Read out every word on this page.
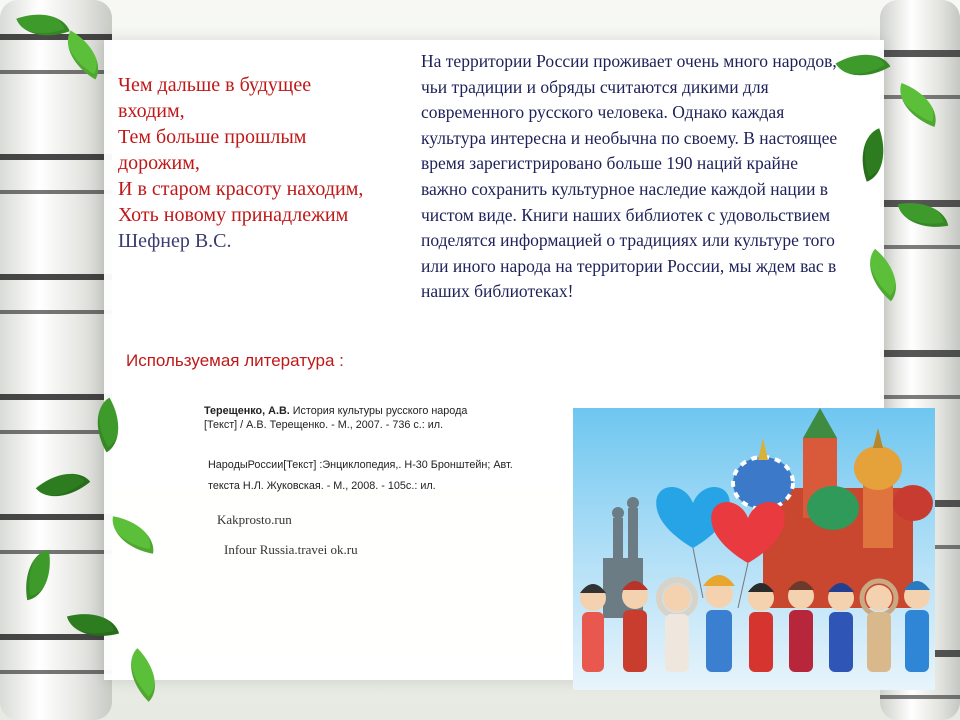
Чем дальше в будущее
входим,
Тем больше прошлым
дорожим,
И в старом красоту находим,
Хоть новому принадлежим
Шефнер В.С.

На территории России проживает очень много народов, чьи традиции и обряды считаются дикими для современного русского человека. Однако каждая культура интересна и необычна по своему. В настоящее время зарегистрировано больше 190 наций крайне важно сохранить культурное наследие каждой нации в чистом виде. Книги наших библиотек с удовольствием поделятся информацией о традициях или культуре того или иного народа на территории России, мы ждем вас в наших библиотеках!

Используемая литература :
Терещенко, А.В. История культуры русского народа [Текст] / А.В. Терещенко. - М., 2007. - 736 с.: ил.
НародыРоссии[Текст] :Энциклопедия,. Н-30 Бронштейн; Авт.
текста Н.Л. Жуковская. - М., 2008. - 105с.: ил.
Kakprosto.run
Infour Russia.travei ok.ru
